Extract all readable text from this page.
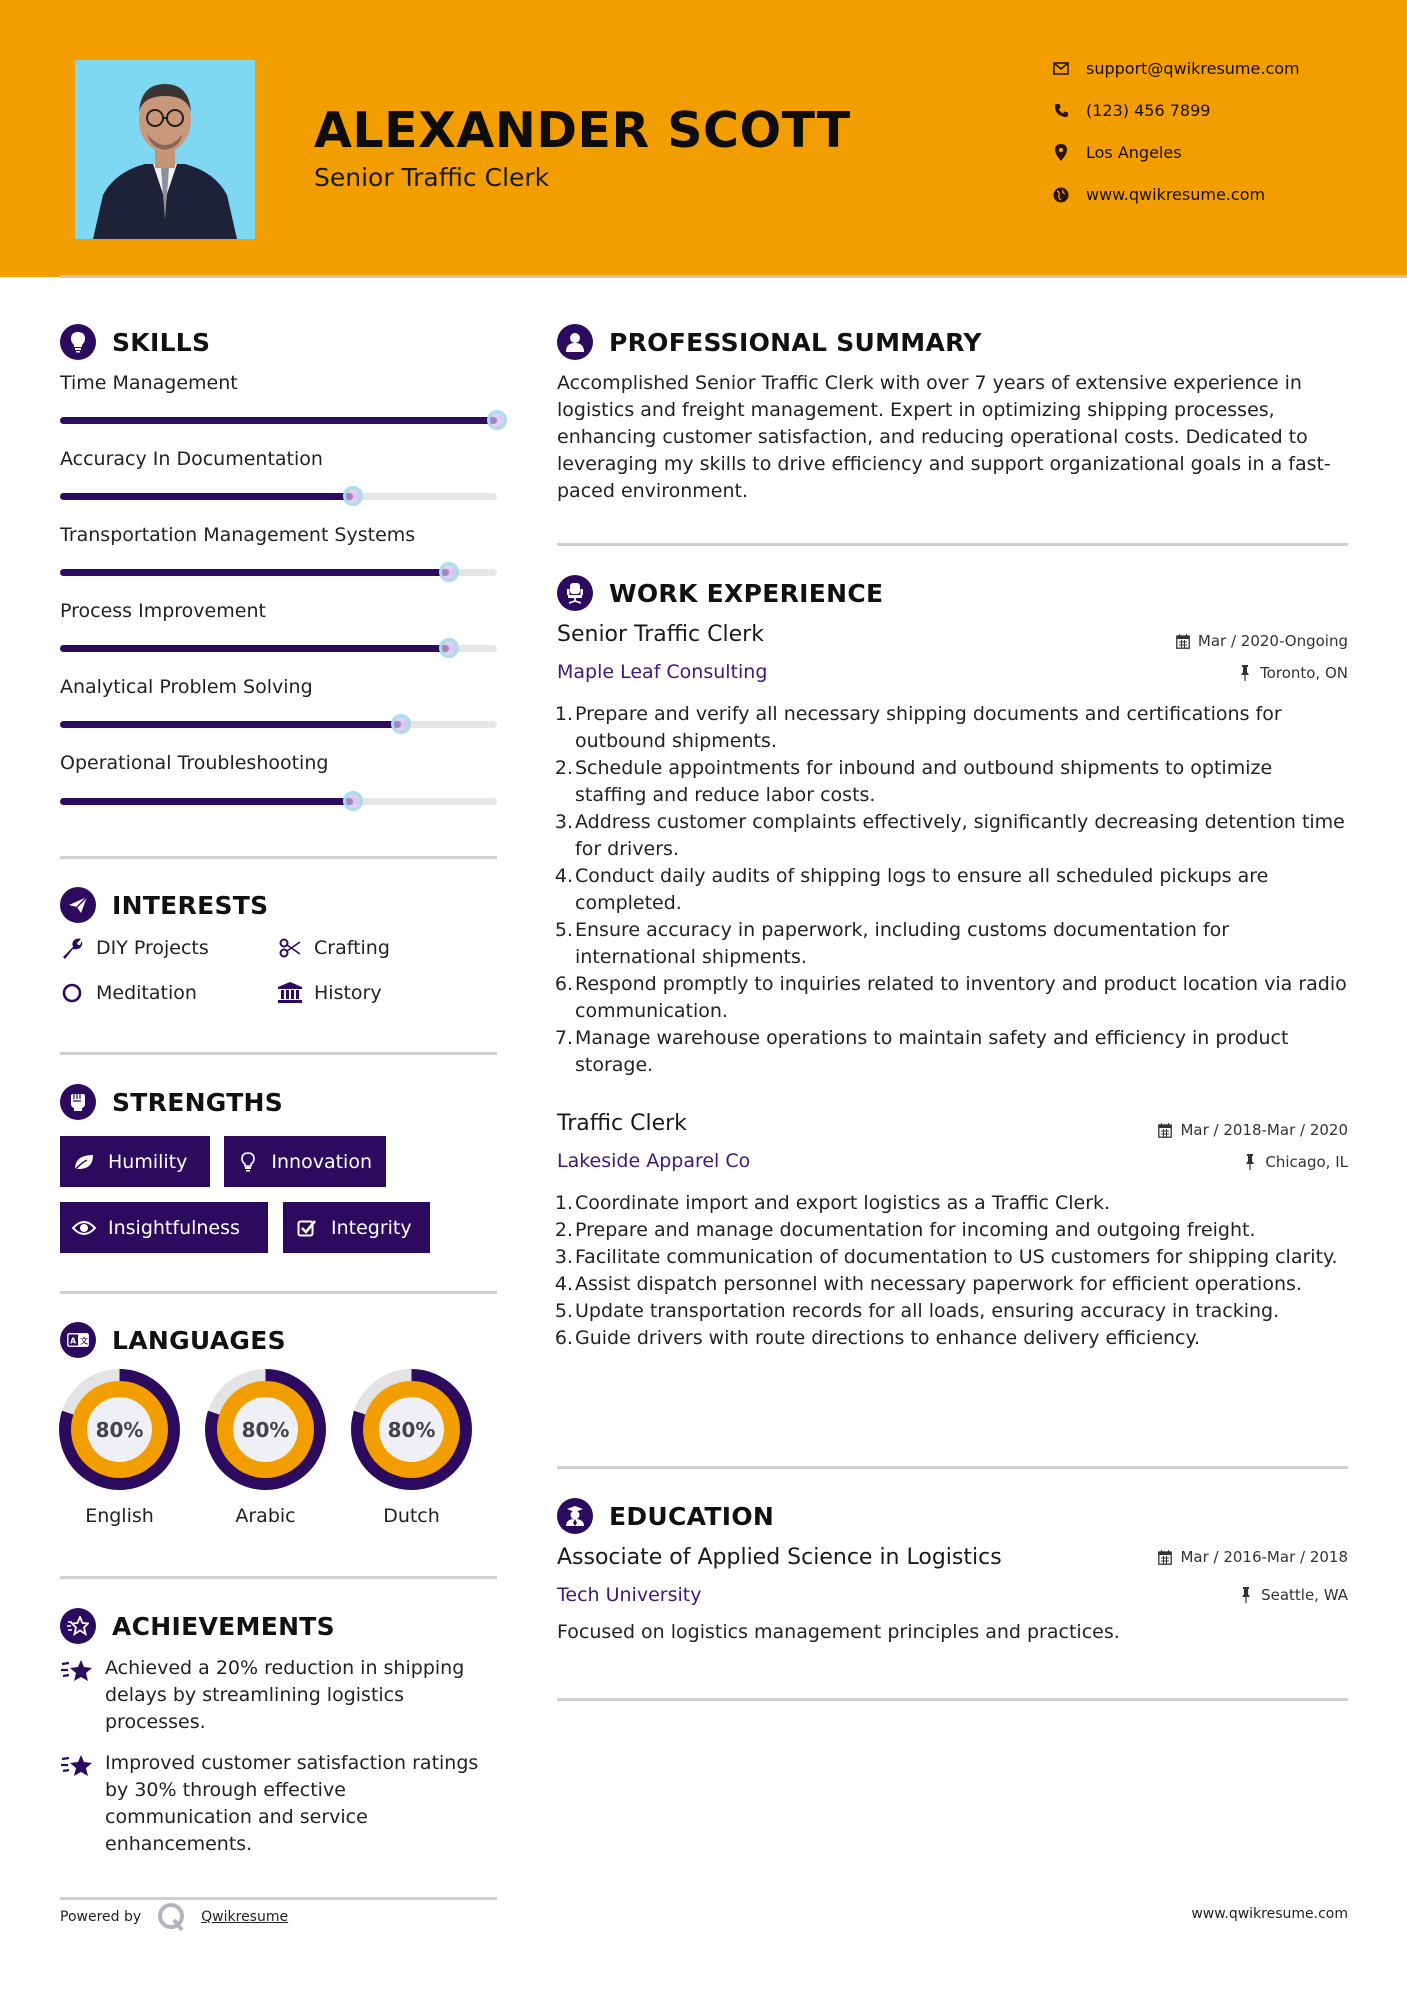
ALEXANDER SCOTT
Senior Traffic Clerk
support@qwikresume.com
(123) 456 7899
Los Angeles
www.qwikresume.com
SKILLS
Time Management
Accuracy In Documentation
Transportation Management Systems
Process Improvement
Analytical Problem Solving
Operational Troubleshooting
INTERESTS
DIY Projects	Crafting
Meditation	History
STRENGTHS
Humility	Innovation
Insightfulness	Integrity
A 文 LANGUAGES
80%
English
80%
Arabic
80%
Dutch
ACHIEVEMENTS
Achieved a 20% reduction in shipping delays by streamlining logistics processes.
Improved customer satisfaction ratings by 30% through effective communication and service enhancements.
PROFESSIONAL SUMMARY
Accomplished Senior Traffic Clerk with over 7 years of extensive experience in logistics and freight management. Expert in optimizing shipping processes, enhancing customer satisfaction, and reducing operational costs. Dedicated to leveraging my skills to drive efficiency and support organizational goals in a fast-paced environment.
WORK EXPERIENCE
Senior Traffic Clerk	Mar / 2020-Ongoing
Maple Leaf Consulting	Toronto, ON
1. Prepare and verify all necessary shipping documents and certifications for outbound shipments.
2. Schedule appointments for inbound and outbound shipments to optimize staffing and reduce labor costs.
3. Address customer complaints effectively, significantly decreasing detention time for drivers.
4. Conduct daily audits of shipping logs to ensure all scheduled pickups are completed.
5. Ensure accuracy in paperwork, including customs documentation for international shipments.
6. Respond promptly to inquiries related to inventory and product location via radio communication.
7. Manage warehouse operations to maintain safety and efficiency in product storage.
Traffic Clerk	Mar / 2018-Mar / 2020
Lakeside Apparel Co	Chicago, IL
1. Coordinate import and export logistics as a Traffic Clerk.
2. Prepare and manage documentation for incoming and outgoing freight.
3. Facilitate communication of documentation to US customers for shipping clarity.
4. Assist dispatch personnel with necessary paperwork for efficient operations.
5. Update transportation records for all loads, ensuring accuracy in tracking.
6. Guide drivers with route directions to enhance delivery efficiency.
EDUCATION
Associate of Applied Science in Logistics	Mar / 2016-Mar / 2018
Tech University	Seattle, WA
Focused on logistics management principles and practices.
Powered by	Qwikresume	www.qwikresume.com
